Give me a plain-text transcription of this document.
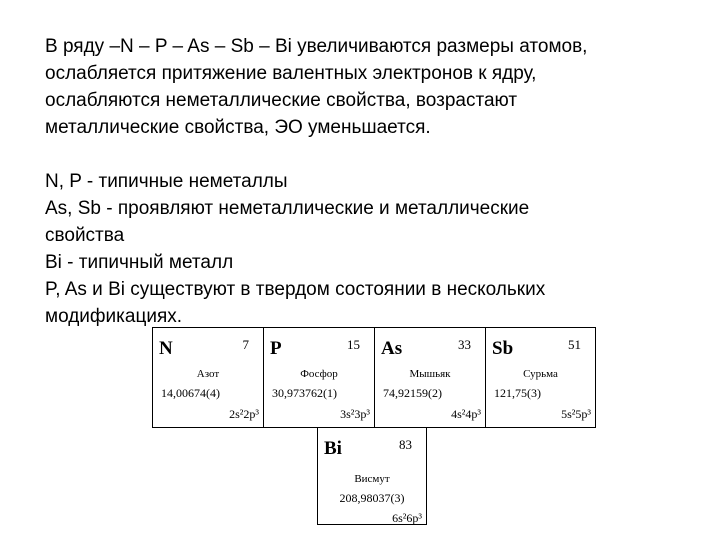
В ряду –N – P – As – Sb – Bi увеличиваются размеры атомов,

ослабляется притяжение валентных электронов к ядру,

ослабляются неметаллические свойства, возрастают

металлические свойства, ЭО уменьшается.

N, P - типичные неметаллы

As, Sb - проявляют неметаллические и металлические

свойства

Bi - типичный металл

P, As и Bi существуют в твердом состоянии в нескольких

модификациях.

N	7
Азот
14,00674(4)
2s²2p³
P	15
Фосфор
30,973762(1)
3s²3p³
As	33
Мышьяк
74,92159(2)
4s²4p³
Sb	51
Сурьма
121,75(3)
5s²5p³
Bi	83
Висмут
208,98037(3)
6s²6p³
